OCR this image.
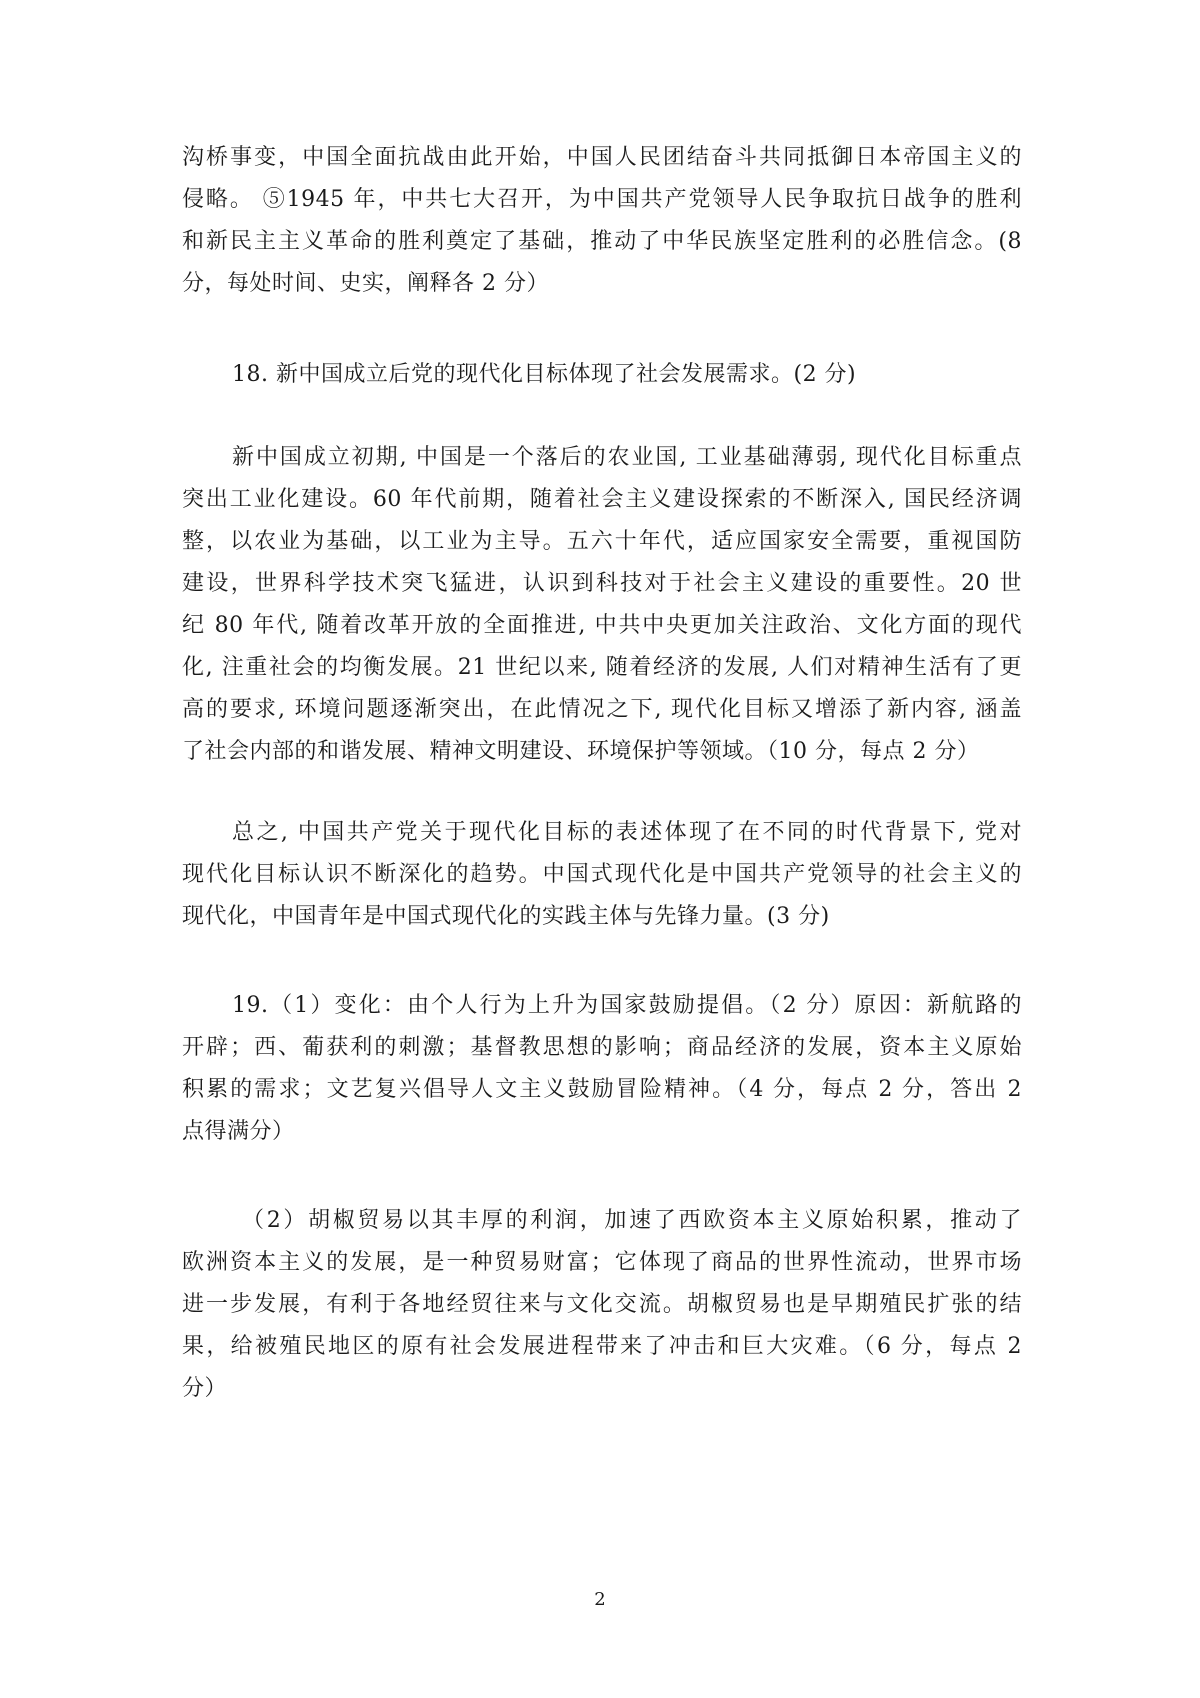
沟桥事变，中国全面抗战由此开始，中国人民团结奋斗共同抵御日本帝国主义的
侵略。 ⑤1945 年，中共七大召开，为中国共产党领导人民争取抗日战争的胜利
和新民主主义革命的胜利奠定了基础，推动了中华民族坚定胜利的必胜信念。(8
分，每处时间、史实，阐释各 2 分）
18. 新中国成立后党的现代化目标体现了社会发展需求。(2 分)
新中国成立初期, 中国是一个落后的农业国, 工业基础薄弱, 现代化目标重点
突出工业化建设。60 年代前期，随着社会主义建设探索的不断深入, 国民经济调
整，以农业为基础，以工业为主导。五六十年代，适应国家安全需要，重视国防
建设，世界科学技术突飞猛进，认识到科技对于社会主义建设的重要性。20 世
纪 80 年代, 随着改革开放的全面推进, 中共中央更加关注政治、文化方面的现代
化, 注重社会的均衡发展。21 世纪以来, 随着经济的发展, 人们对精神生活有了更
高的要求, 环境问题逐渐突出，在此情况之下, 现代化目标又增添了新内容, 涵盖
了社会内部的和谐发展、精神文明建设、环境保护等领域。（10 分，每点 2 分）
总之, 中国共产党关于现代化目标的表述体现了在不同的时代背景下, 党对
现代化目标认识不断深化的趋势。中国式现代化是中国共产党领导的社会主义的
现代化，中国青年是中国式现代化的实践主体与先锋力量。(3 分)
19.（1）变化：由个人行为上升为国家鼓励提倡。（2 分）原因：新航路的
开辟；西、葡获利的刺激；基督教思想的影响；商品经济的发展，资本主义原始
积累的需求；文艺复兴倡导人文主义鼓励冒险精神。（4 分，每点 2 分，答出 2
点得满分）
（2）胡椒贸易以其丰厚的利润，加速了西欧资本主义原始积累，推动了
欧洲资本主义的发展，是一种贸易财富；它体现了商品的世界性流动，世界市场
进一步发展，有利于各地经贸往来与文化交流。胡椒贸易也是早期殖民扩张的结
果，给被殖民地区的原有社会发展进程带来了冲击和巨大灾难。（6 分，每点 2
分）
2
